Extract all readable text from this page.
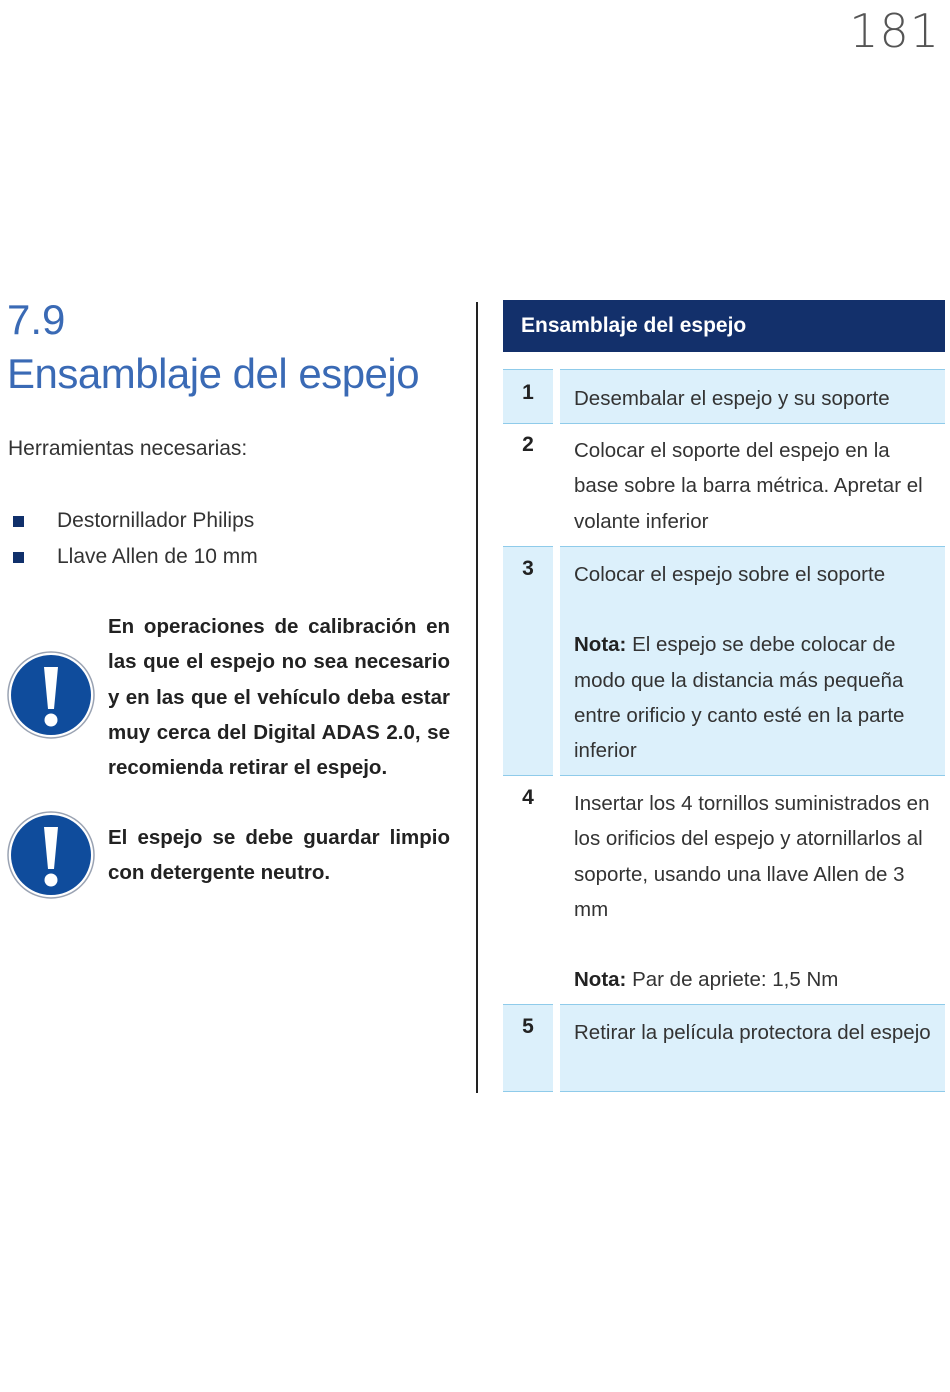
181
7.9
Ensamblaje del espejo
Herramientas necesarias:
Destornillador Philips
Llave Allen de 10 mm
En operaciones de calibración en las que el espejo no sea necesario y en las que el vehículo deba estar muy cerca del Digital ADAS 2.0, se recomienda retirar el espejo.
El espejo se debe guardar limpio con detergente neutro.
Ensamblaje del espejo
1	Desembalar el espejo y su soporte
2	Colocar el soporte del espejo en la base sobre la barra métrica. Apretar el volante inferior
3	Colocar el espejo sobre el soporte
Nota: El espejo se debe colocar de modo que la distancia más pequeña entre orificio y canto esté en la parte inferior
4	Insertar los 4 tornillos suministrados en los orificios del espejo y atornillarlos al soporte, usando una llave Allen de 3 mm
Nota: Par de apriete: 1,5 Nm
5	Retirar la película protectora del espejo
